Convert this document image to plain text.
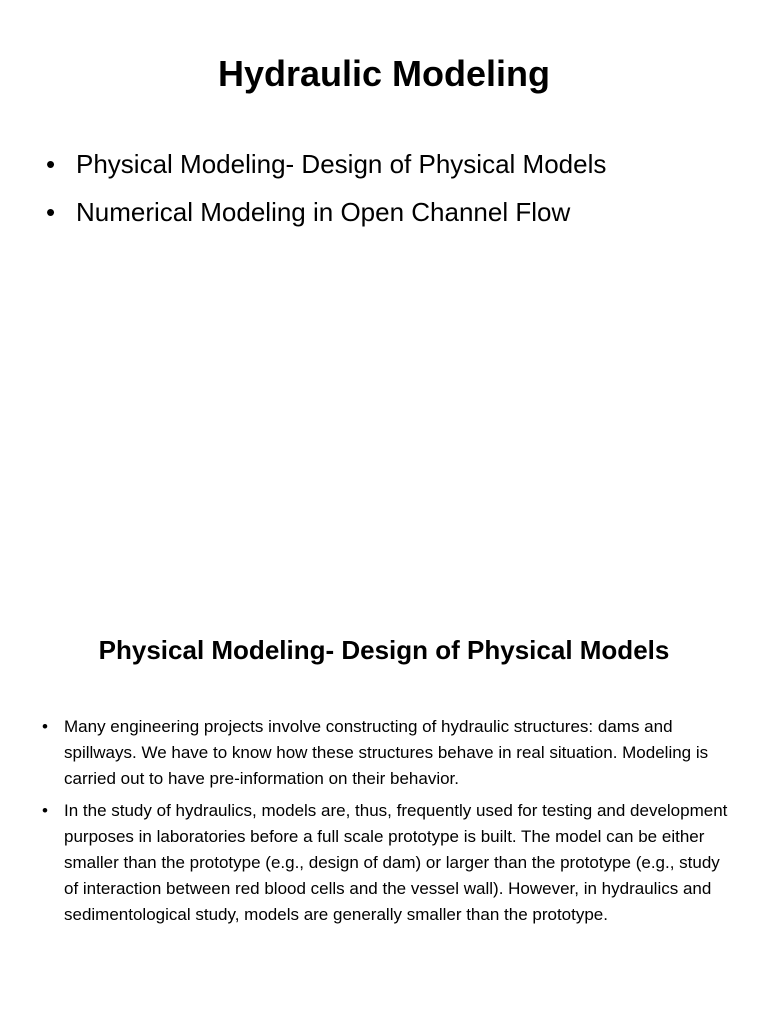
Hydraulic Modeling
• Physical Modeling- Design of Physical Models
• Numerical Modeling in Open Channel Flow
Physical Modeling- Design of Physical Models
• Many engineering projects involve constructing of hydraulic structures: dams and spillways. We have to know how these structures behave in real situation. Modeling is carried out to have pre-information on their behavior.
• In the study of hydraulics, models are, thus, frequently used for testing and development purposes in laboratories before a full scale prototype is built. The model can be either smaller than the prototype (e.g., design of dam) or larger than the prototype (e.g., study of interaction between red blood cells and the vessel wall). However, in hydraulics and sedimentological study, models are generally smaller than the prototype.
